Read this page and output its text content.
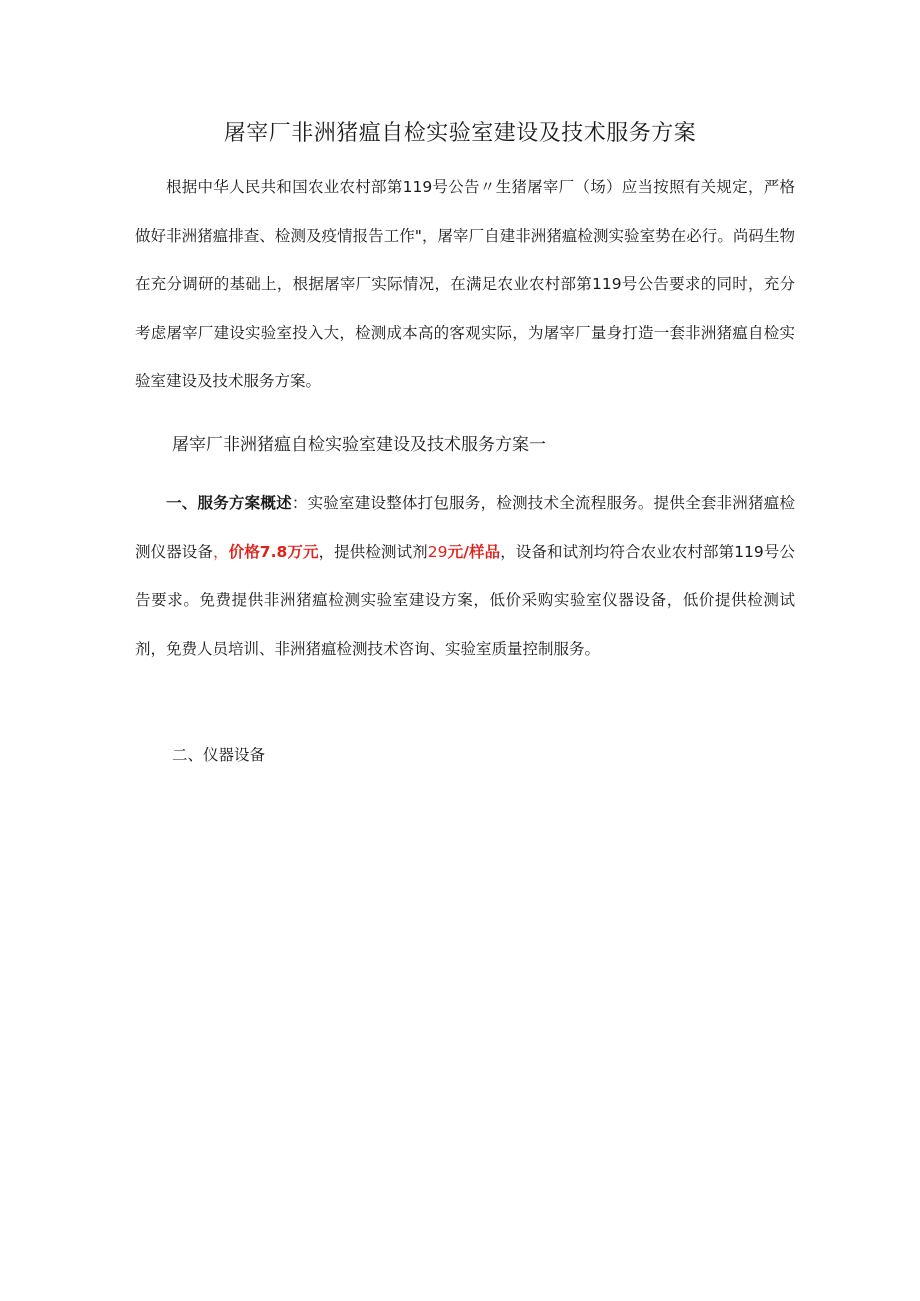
屠宰厂非洲猪瘟自检实验室建设及技术服务方案

根据中华人民共和国农业农村部第119号公告〃生猪屠宰厂（场）应当按照有关规定，严格做好非洲猪瘟排查、检测及疫情报告工作"，屠宰厂自建非洲猪瘟检测实验室势在必行。尚码生物在充分调研的基础上，根据屠宰厂实际情况，在满足农业农村部第119号公告要求的同时，充分考虑屠宰厂建设实验室投入大，检测成本高的客观实际，为屠宰厂量身打造一套非洲猪瘟自检实验室建设及技术服务方案。

屠宰厂非洲猪瘟自检实验室建设及技术服务方案一

一、服务方案概述：实验室建设整体打包服务，检测技术全流程服务。提供全套非洲猪瘟检测仪器设备，价格7.8万元，提供检测试剂29元/样品，设备和试剂均符合农业农村部第119号公告要求。免费提供非洲猪瘟检测实验室建设方案，低价采购实验室仪器设备，低价提供检测试剂，免费人员培训、非洲猪瘟检测技术咨询、实验室质量控制服务。

二、仪器设备
